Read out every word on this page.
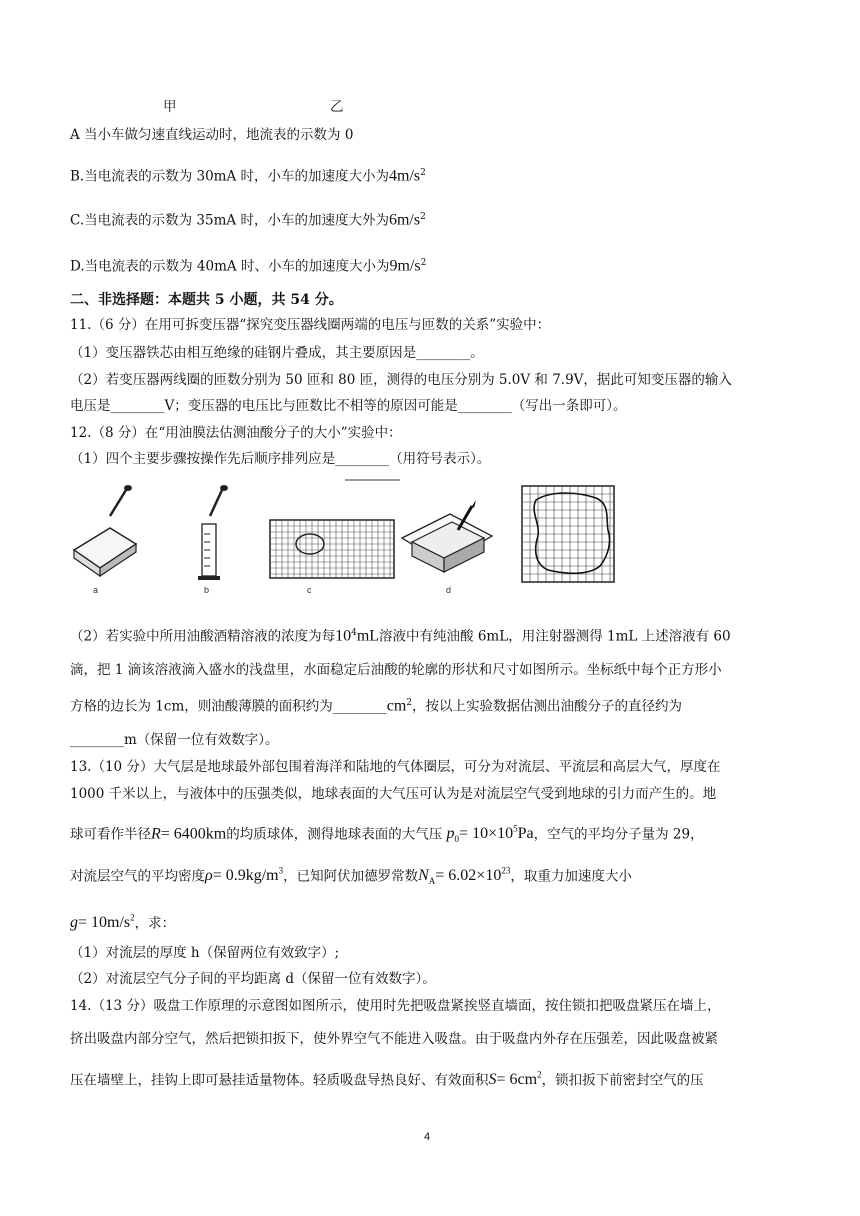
甲	乙
A 当小车做匀速直线运动时，地流表的示数为 0
B.当电流表的示数为 30mA 时，小车的加速度大小为$4m/s^2$
C.当电流表的示数为 35mA 时，小车的加速度大外为$6m/s^2$
D.当电流表的示数为 40mA 时、小车的加速度大小为$9m/s^2$
二、非选择题：本题共 5 小题，共 54 分。
11.（6 分）在用可拆变压器“探究变压器线圈两端的电压与匝数的关系”实验中：
（1）变压器铁芯由相互绝缘的硅钢片叠成，其主要原因是________。
（2）若变压器两线圈的匝数分别为 50 匝和 80 匝，测得的电压分别为 5.0V 和 7.9V，据此可知变压器的输入
电压是________V；变压器的电压比与匝数比不相等的原因可能是________（写出一条即可）。
12.（8 分）在“用油膜法估测油酸分子的大小”实验中：
（1）四个主要步骤按操作先后顺序排列应是________（用符号表示）。
a	b	c	d
（2）若实验中所用油酸酒精溶液的浓度为每$10^4mL$溶液中有纯油酸 6mL，用注射器测得 1mL 上述溶液有 60
滴，把 1 滴该溶液滴入盛水的浅盘里，水面稳定后油酸的轮廓的形状和尺寸如图所示。坐标纸中每个正方形小
方格的边长为 1cm，则油酸薄膜的面积约为$\_\_\_\_\_\_\_\_cm^2$，按以上实验数据估测出油酸分子的直径约为
________m（保留一位有效数字）。
13.（10 分）大气层是地球最外部包围着海洋和陆地的气体圈层，可分为对流层、平流层和高层大气，厚度在
1000 千米以上，与液体中的压强类似，地球表面的大气压可认为是对流层空气受到地球的引力而产生的。地
球可看作半径R= 6400km的均质球体，测得地球表面的大气压 $p_0= 10\times 10^5Pa$，空气的平均分子量为 29，
对流层空气的平均密度$\rho= 0.9kg/m^3$，已知阿伏加德罗常数$N_A= 6.02\times 10^{23}$，取重力加速度大小
$g= 10m/s^2$，求：
（1）对流层的厚度 h（保留两位有效致字）;
（2）对流层空气分子间的平均距离 d（保留一位有效数字）。
14.（13 分）吸盘工作原理的示意图如图所示，使用时先把吸盘紧挨竖直墙面，按住锁扣把吸盘紧压在墙上，
挤出吸盘内部分空气，然后把锁扣扳下，使外界空气不能进入吸盘。由于吸盘内外存在压强差，因此吸盘被紧
压在墙壁上，挂钩上即可悬挂适量物体。轻质吸盘导热良好、有效面积$S= 6cm^2$，锁扣扳下前密封空气的压
4
